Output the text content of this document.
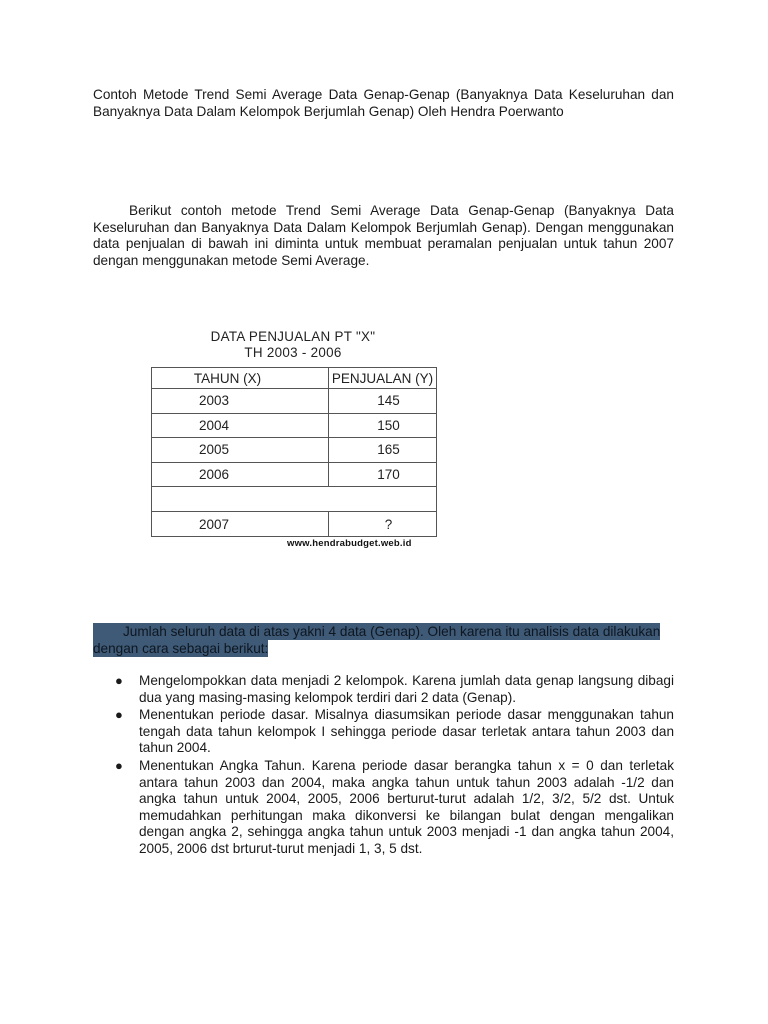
Contoh Metode Trend Semi Average Data Genap-Genap (Banyaknya Data Keseluruhan dan Banyaknya Data Dalam Kelompok Berjumlah Genap) Oleh Hendra Poerwanto

Berikut contoh metode Trend Semi Average Data Genap-Genap (Banyaknya Data Keseluruhan dan Banyaknya Data Dalam Kelompok Berjumlah Genap). Dengan menggunakan data penjualan di bawah ini diminta untuk membuat peramalan penjualan untuk tahun 2007 dengan menggunakan metode Semi Average.

DATA PENJUALAN PT "X"
TH 2003 - 2006
TAHUN (X)	PENJUALAN (Y)
2003	145
2004	150
2005	165
2006	170

2007	?
www.hendrabudget.web.id

Jumlah seluruh data di atas yakni 4 data (Genap). Oleh karena itu analisis data dilakukan dengan cara sebagai berikut:

● Mengelompokkan data menjadi 2 kelompok. Karena jumlah data genap langsung dibagi dua yang masing-masing kelompok terdiri dari 2 data (Genap).
● Menentukan periode dasar. Misalnya diasumsikan periode dasar menggunakan tahun tengah data tahun kelompok I sehingga periode dasar terletak antara tahun 2003 dan tahun 2004.
● Menentukan Angka Tahun. Karena periode dasar berangka tahun x = 0 dan terletak antara tahun 2003 dan 2004, maka angka tahun untuk tahun 2003 adalah -1/2 dan angka tahun untuk 2004, 2005, 2006 berturut-turut adalah 1/2, 3/2, 5/2 dst. Untuk memudahkan perhitungan maka dikonversi ke bilangan bulat dengan mengalikan dengan angka 2, sehingga angka tahun untuk 2003 menjadi -1 dan angka tahun 2004, 2005, 2006 dst brturut-turut menjadi 1, 3, 5 dst.
